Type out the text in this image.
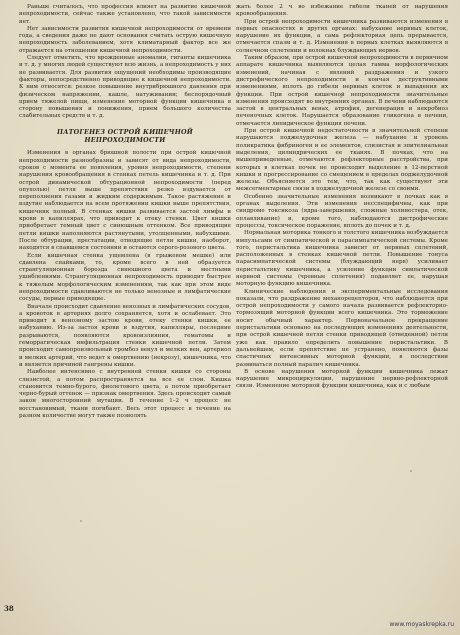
Раньше считалось, что профессия влияет на развитие кишечной непроходимости, сейчас также установлено, что такой зависимости нет.

Нет зависимости развития кишечной непроходимости от времени года, а сведения даже не дают основания считать острую кишечную непроходимость заболеванием, хотя климатарный фактор все же отражается на отношении кишечной непроходимости.

Следует отметить, что врожденные аномалии, гиганты кишечника и т. д. у многих людей существуют всю жизнь, а непроходимость у них не развивается. Для развития ощущений необходимы производящие факторы, непосредственно приводящие к кишечной непроходимости. К ним относятся: резкое повышение внутрибрюшного давления при физическом напряжении, кашле, натуживании; беспорядочный прием тяжелой пищи, изменение моторной функции кишечника в сторону повышения и понижения, прием большого количества слабительных средств и т. д.

ПАТОГЕНЕЗ ОСТРОЙ КИШЕЧНОЙ НЕПРОХОДИМОСТИ

Изменения в органах брюшной полости при острой кишечной непроходимости разнообразны и зависят от вида непроходимости, сроков с момента ее появления, уровня непроходимости, степени нарушения кровообращения в стенках петель кишечника и т. д. При острой динамической обтурационной непроходимости (перед опухолью) петля выше препятствия резко вздувается от переполнения газами и жидким содержимым. Такое растяжение и вздутие наблюдается на всем протяжении кишки выше препятствия, кишечник полный. В стенках кишки развивается застой лимфы и крови в капиллярах, что приводит к отеку стенки. Цвет кишки приобретает темный цвет с синюшным оттенком. Все приводящие петли кишки наполняются растянутыми, утолщенными, набухшими. После обтурации, престатации, отводящие петли кишки, наоборот, находятся в спавшемся состоянии и остаются серого-розового цвета.

Если кишечная стенка ущемлена (в грыжевом мешке) или сдавлена спайками, то, кроме всего в ней образуется странгуляционная борозда синюшного цвета и местными ушиблениями. Странгуляционная непроходимость приводит быстрее к тяжелым морфологическим изменениям, так как при этом виде непроходимости сдавливаются не только венозные и лимфатические сосуды, первые приводящие.

Вначале происходит сдавление венозных и лимфатических сосудов, а кровоток в артериях долго сохраняется, хотя и ослабевает. Это приводит к венозному застою крови, отеку стенки кишки, ее набуханию. Из-за застоя крови и вздутия, капилляры, последние разрываются, появляются кровоизлияния, гематомы и геморрагическая инфильтрация стенки кишечной петли. Затем происходит самопроизвольный тромбоз венул и мелких вен, артериол и мелких артерий, что ведет к омертвению (некрозу), кишечника, что и является причиной гангрены кишки.

Наиболее интенсивно с внутренней стенки кишки со стороны слизистой, а потом распространяется на все ее слои. Кишка становится темно-бурого, фиолетового цвета, а потом приобретает черно-бурый оттенок — признак омертвения. Здесь происходит самый закон многосторонний мутации. В течение 1–2 ч процесс не восстановимый, ткани погибают. Весь этот процесс в течение на разном количестве могут также позволять

жать более 2 ч во избежание гибели тканей от нарушения кровообращения.

При острой непроходимости кишечника развиваются изменения в первых опасностях и других органах: набухание нервных клеток, нарушение их функции, а сама рефлекторная цепь прерывается, отмечается спазм и т. д. Изменения в первых клетках выявляются в солнечном сплетении и волокнах блуждающих нервов.

Таким образом, при острой кишечной непроходимости в первичном аппарате кишечника выявляются целая гамма морфологических изменений, начиная с явлений раздражения и узкого дистрофического непроходимости и кончая деструктивными изменениями, вплоть до гибели нервных клеток и выпадения их функции. При острой кишечной непроходимости значительные изменения происходят во внутренних органах. В печени наблюдаются застой в центральных венах, атрофия, дегенерация и некробиоз печеночных клеток. Нарушается образование гликогена в печени, отмечается липидическое функция печени.

При острой кишечной недостаточности в значительной степени нарушаются поджелудочная железа — набухание и уровень поликратика фибриноген и ее элементов, слизистая и эпителиальная выделения, цилиндрических ее тканях. В почках, что на вышеприведенные, отмечаются рефлекторные расстройства, при которых в клетках почек не происходит выделение в 12-перстной кишки и прогрессирование со смещением в пределах поджелудочной железы. Объясняется это тем, что, так как существуют эти межсегментарные связи в поджелудочной железе со своими.

Особенно значительные изменения возникают в почках как в органах выделения. Эти изменения несспецифичны, как при синдроме токсикоза (ядра-завершения, сложные холинестера, отек, оплавливание) и, кроме того, наблюдаются дистрофические процессы, токсическое поражение, вплоть до почек и т. д.

Нормальная моторика тонкого и толстого кишечника возбуждается импульсами от симпатической и парасимпатической системы. Кроме того, перистальтика кишечника зависит от нервных сплетений, расположенных в стенках кишечной петли. Повышение тонуса парасимпатической системы (блуждающий нерв) усиливает перистальтику кишечника, а усиление функции симпатической нервной системы (чревные сплетения) подавляет ее, нарушая моторную функцию кишечника.

Клинические наблюдения и экспериментальные исследования показали, что раздражение механорецепторов, что наблюдается при острой непроходимости у самого начала развивается рефлекторно-тормозящий моторной функции всего кишечника. Это торможение носит обычный характер. Первоначальное прекращение перистальтики основано на последующих изменениях деятельности, при острой кишечной петли стенки приводящей (отведенной) петли уже как правило определить повышение перистальтики. В дальнейшем, если препятствие не устранено, появляются фазы спастичных интенсивных моторной функции, в последствии развиваться полный паралич кишечника.

В основе нарушения моторной функции кишечника лежат нарушение микроциркуляции, нарушение нервно-рефлекторной связи. Изменение моторной функции кишечника, как и с любым

38
www.moyaskrepka.ru
